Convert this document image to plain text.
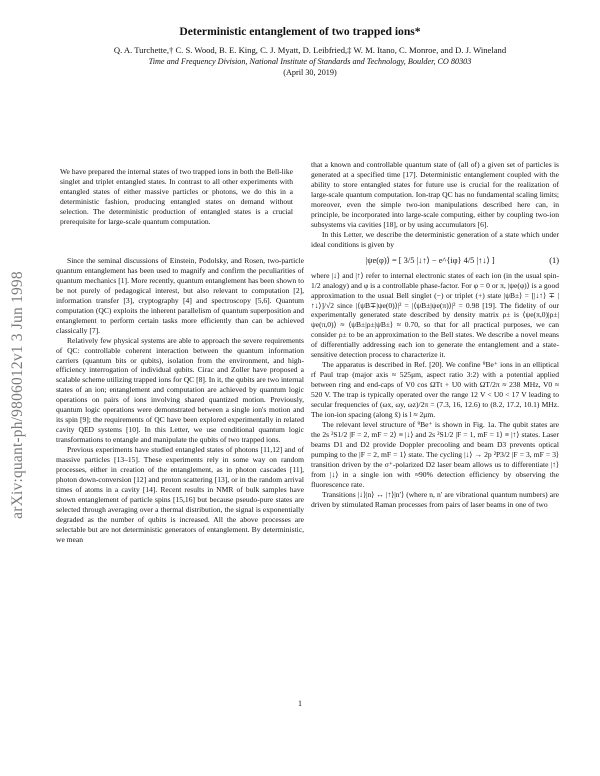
arXiv:quant-ph/9806012v1 3 Jun 1998
Deterministic entanglement of two trapped ions*
Q. A. Turchette,† C. S. Wood, B. E. King, C. J. Myatt, D. Leibfried,‡ W. M. Itano, C. Monroe, and D. J. Wineland
Time and Frequency Division, National Institute of Standards and Technology, Boulder, CO 80303
(April 30, 2019)
We have prepared the internal states of two trapped ions in both the Bell-like singlet and triplet entangled states. In contrast to all other experiments with entangled states of either massive particles or photons, we do this in a deterministic fashion, producing entangled states on demand without selection. The deterministic production of entangled states is a crucial prerequisite for large-scale quantum computation.

Since the seminal discussions of Einstein, Podolsky, and Rosen, two-particle quantum entanglement has been used to magnify and confirm the peculiarities of quantum mechanics [1]. More recently, quantum entanglement has been shown to be not purely of pedagogical interest, but also relevant to computation [2], information transfer [3], cryptography [4] and spectroscopy [5,6]. Quantum computation (QC) exploits the inherent parallelism of quantum superposition and entanglement to perform certain tasks more efficiently than can be achieved classically [7].

Relatively few physical systems are able to approach the severe requirements of QC: controllable coherent interaction between the quantum information carriers (quantum bits or qubits), isolation from the environment, and high-efficiency interrogation of individual qubits. Cirac and Zoller have proposed a scalable scheme utilizing trapped ions for QC [8]. In it, the qubits are two internal states of an ion; entanglement and computation are achieved by quantum logic operations on pairs of ions involving shared quantized motion. Previously, quantum logic operations were demonstrated between a single ion's motion and its spin [9]; the requirements of QC have been explored experimentally in related cavity QED systems [10]. In this Letter, we use conditional quantum logic transformations to entangle and manipulate the qubits of two trapped ions.

Previous experiments have studied entangled states of photons [11,12] and of massive particles [13–15]. These experiments rely in some way on random processes, either in creation of the entanglement, as in photon cascades [11], photon down-conversion [12] and proton scattering [13], or in the random arrival times of atoms in a cavity [14]. Recent results in NMR of bulk samples have shown entanglement of particle spins [15,16] but because pseudo-pure states are selected through averaging over a thermal distribution, the signal is exponentially degraded as the number of qubits is increased. All the above processes are selectable but are not deterministic generators of entanglement. By deterministic, we mean

that a known and controllable quantum state of (all of) a given set of particles is generated at a specified time [17]. Deterministic entanglement coupled with the ability to store entangled states for future use is crucial for the realization of large-scale quantum computation. Ion-trap QC has no fundamental scaling limits; moreover, even the simple two-ion manipulations described here can, in principle, be incorporated into large-scale computing, either by coupling two-ion subsystems via cavities [18], or by using accumulators [6].

In this Letter, we describe the deterministic generation of a state which under ideal conditions is given by

|ψe(φ)⟩ = [ 3/5 |↓↑⟩ − e^{iφ} 4/5 |↑↓⟩ ]	(1)

where |↓⟩ and |↑⟩ refer to internal electronic states of each ion (in the usual spin-1/2 analogy) and φ is a controllable phase-factor. For φ = 0 or π, |ψe(φ)⟩ is a good approximation to the usual Bell singlet (−) or triplet (+) state |ψB±⟩ = [|↓↑⟩ ∓ |↑↓⟩]/√2 since |⟨ψB∓|ψe(0)⟩|² = |⟨ψB±|ψe(π)⟩|² = 0.98 [19]. The fidelity of our experimentally generated state described by density matrix ρ± is ⟨ψe(π,0)|ρ±|ψe(π,0)⟩ ≈ ⟨ψB±|ρ±|ψB±⟩ ≈ 0.70, so that for all practical purposes, we can consider ρ± to be an approximation to the Bell states. We describe a novel means of differentially addressing each ion to generate the entanglement and a state-sensitive detection process to characterize it.

The apparatus is described in Ref. [20]. We confine ⁹Be⁺ ions in an elliptical rf Paul trap (major axis ≈ 525μm, aspect ratio 3:2) with a potential applied between ring and end-caps of V0 cos ΩTt + U0 with ΩT/2π ≈ 238 MHz, V0 ≈ 520 V. The trap is typically operated over the range 12 V < U0 < 17 V leading to secular frequencies of (ωx, ωy, ωz)/2π = (7.3, 16, 12.6) to (8.2, 17.2, 10.1) MHz. The ion-ion spacing (along x̂) is l ≈ 2μm.

The relevant level structure of ⁹Be⁺ is shown in Fig. 1a. The qubit states are the 2s ²S1/2 |F = 2, mF = 2⟩ ≡ |↓⟩ and 2s ²S1/2 |F = 1, mF = 1⟩ ≡ |↑⟩ states. Laser beams D1 and D2 provide Doppler precooling and beam D3 prevents optical pumping to the |F = 2, mF = 1⟩ state. The cycling |↓⟩ → 2p ²P3/2 |F = 3, mF = 3⟩ transition driven by the σ⁺-polarized D2 laser beam allows us to differentiate |↑⟩ from |↓⟩ in a single ion with ≈90% detection efficiency by observing the fluorescence rate.

Transitions |↓⟩|n⟩ ↔ |↑⟩|n′⟩ (where n, n′ are vibrational quantum numbers) are driven by stimulated Raman processes from pairs of laser beams in one of two

1
